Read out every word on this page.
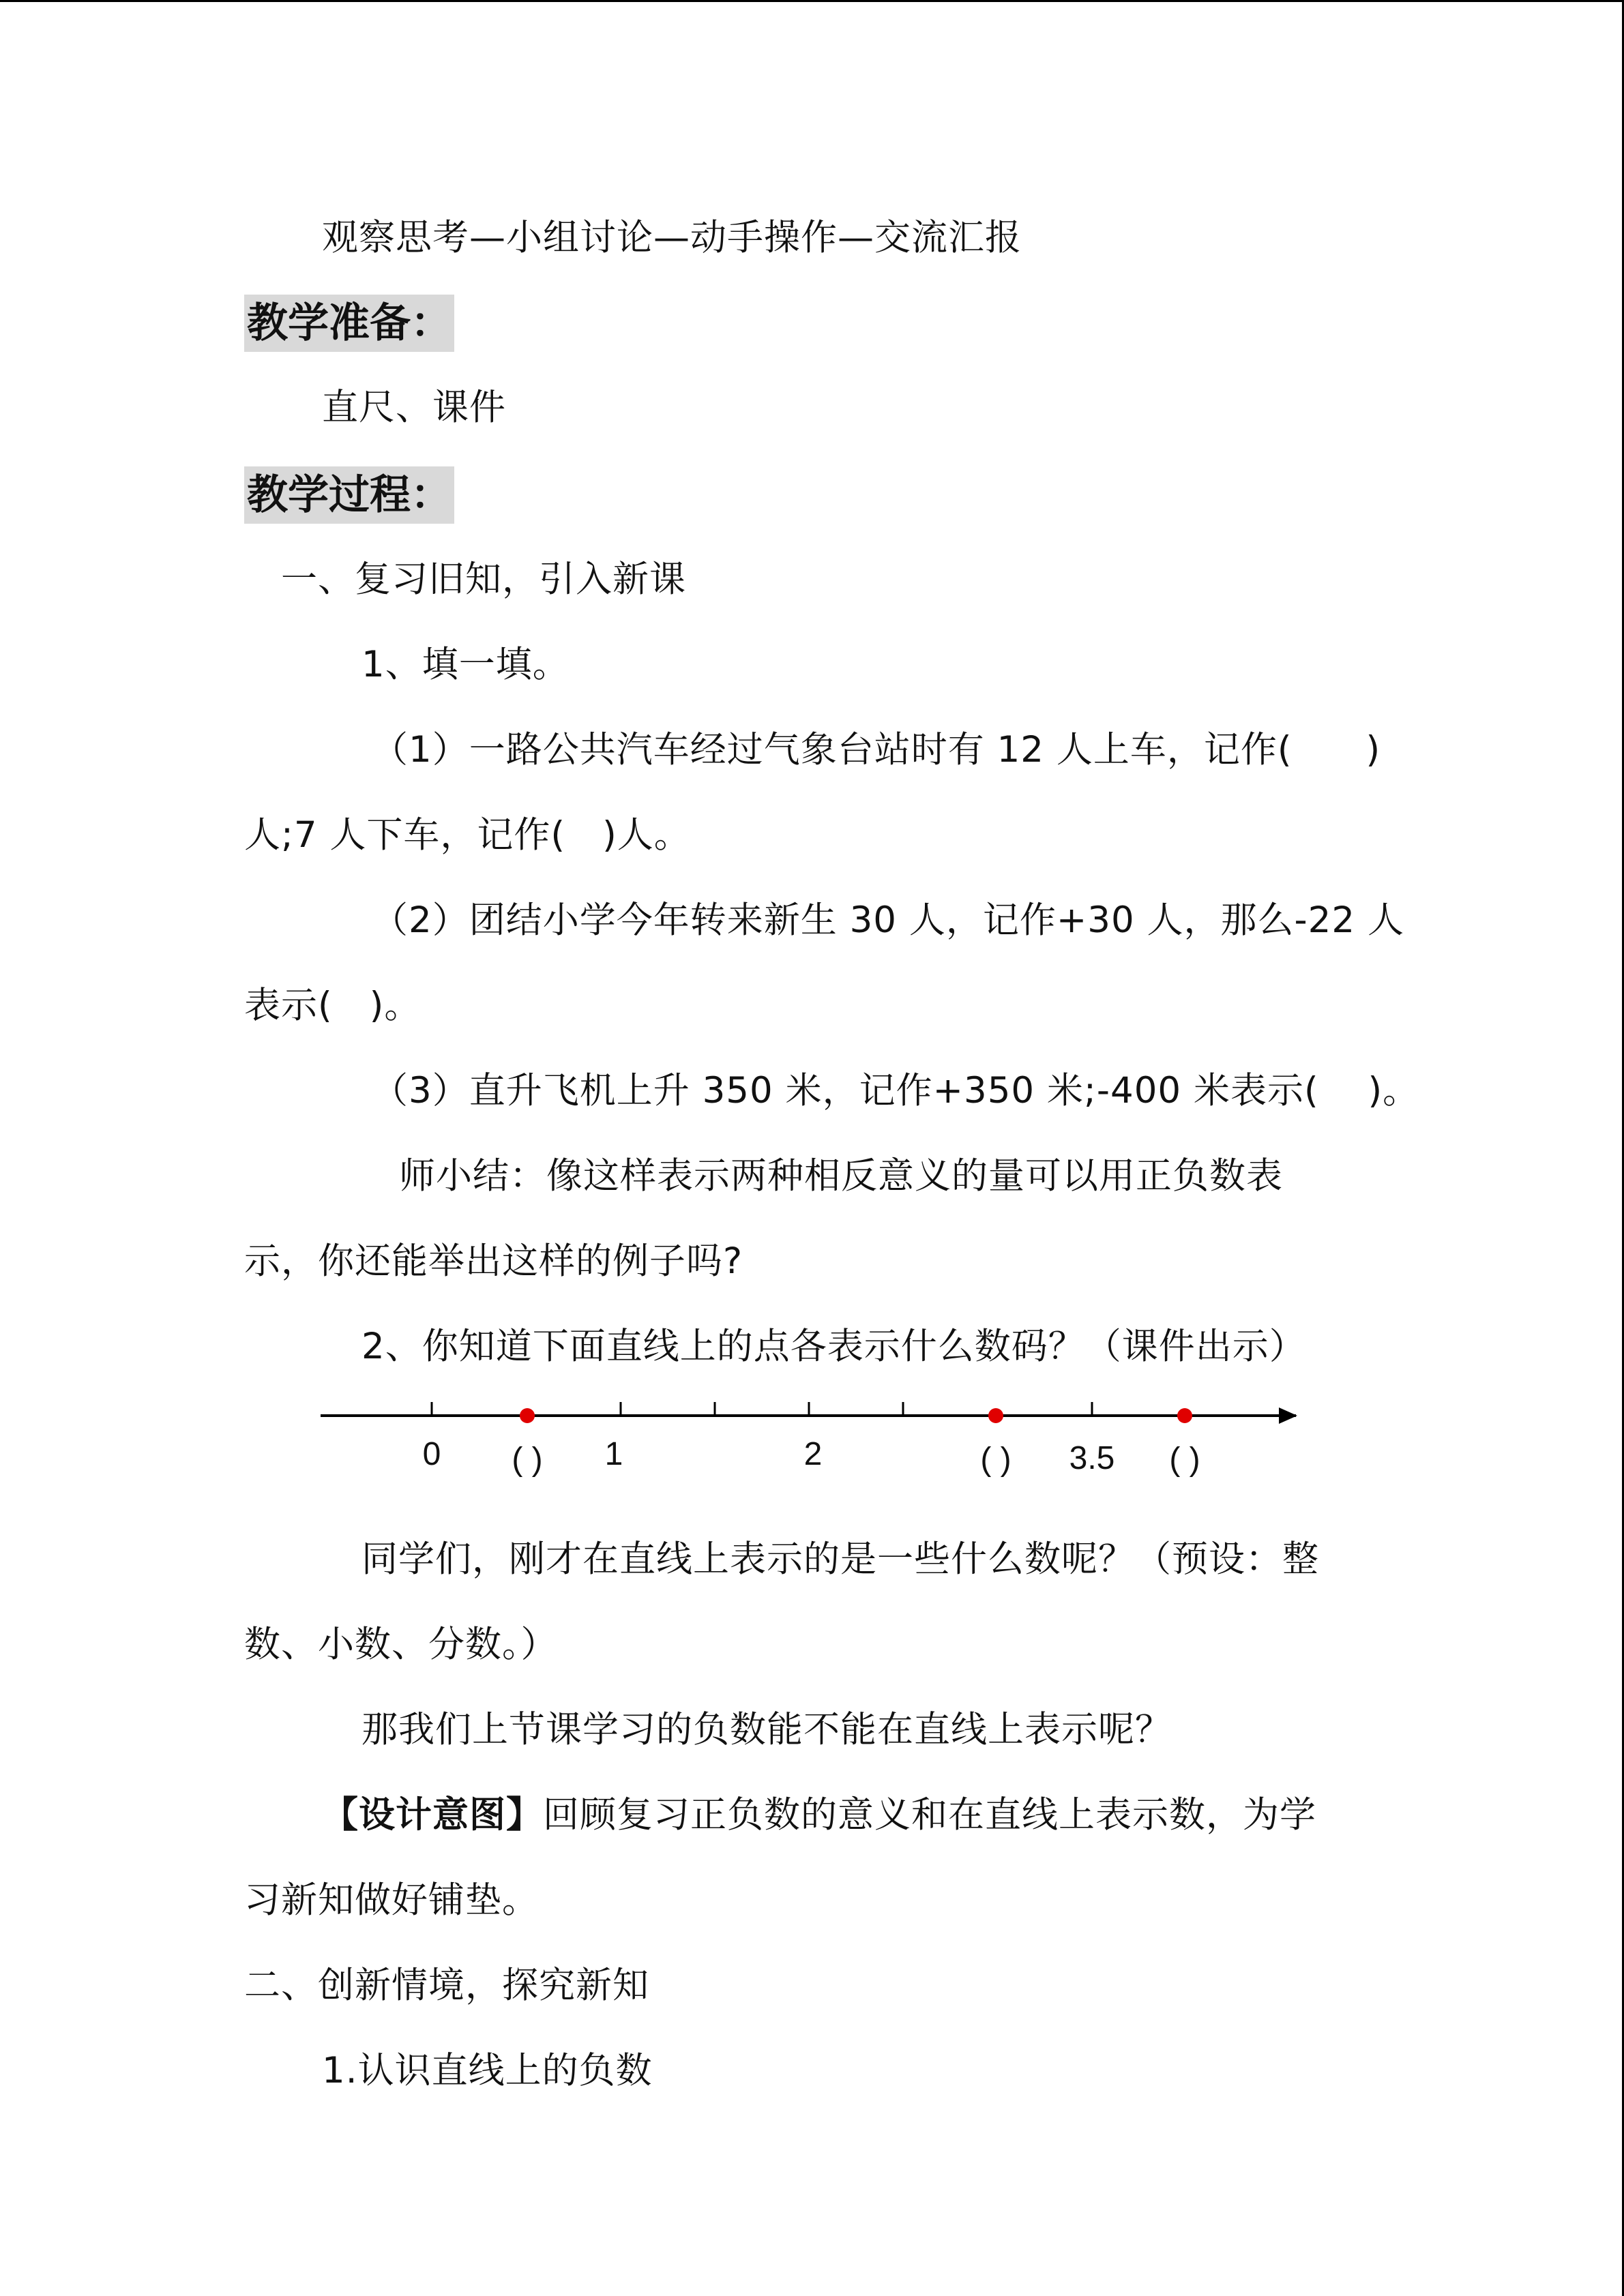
观察思考—小组讨论—动手操作—交流汇报
教学准备：
直尺、课件
教学过程：
一、复习旧知，引入新课
1、填一填。
（1）一路公共汽车经过气象台站时有 12 人上车，记作(　　)
人;7 人下车，记作(　)人。
（2）团结小学今年转来新生 30 人，记作+30 人，那么-22 人
表示(　)。
（3）直升飞机上升 350 米，记作+350 米;-400 米表示(　 )。
师小结：像这样表示两种相反意义的量可以用正负数表
示，你还能举出这样的例子吗?
2、你知道下面直线上的点各表示什么数码？（课件出示）
0 ( ) 1	2	( ) 3.5 ( )
同学们，刚才在直线上表示的是一些什么数呢？（预设：整
数、小数、分数。）
那我们上节课学习的负数能不能在直线上表示呢？
【设计意图】回顾复习正负数的意义和在直线上表示数，为学
习新知做好铺垫。
二、创新情境，探究新知
1.认识直线上的负数
